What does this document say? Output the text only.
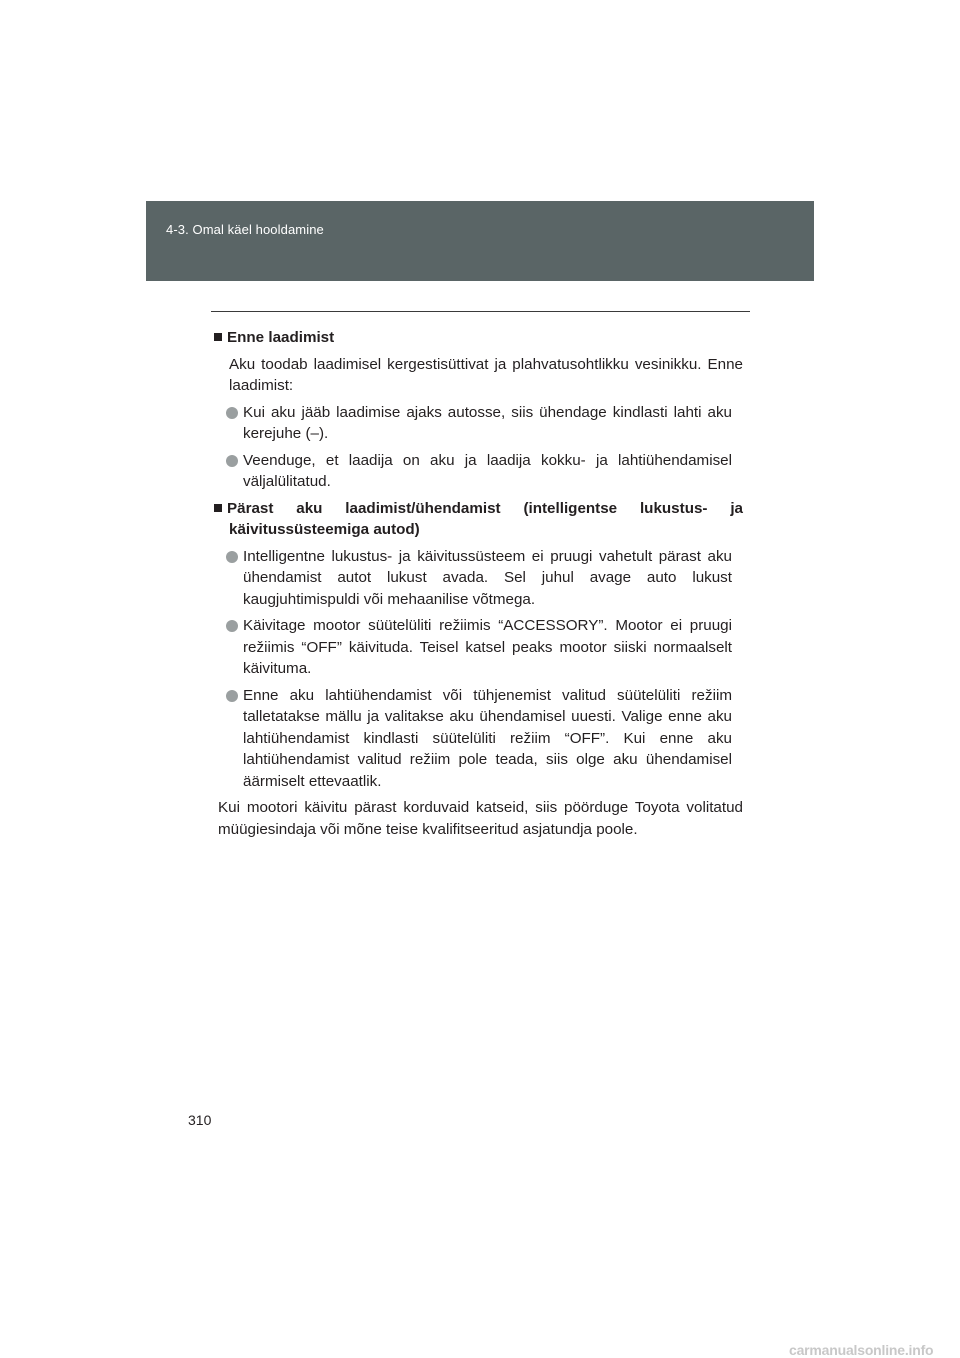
4-3. Omal käel hooldamine
Enne laadimist

Aku toodab laadimisel kergestisüttivat ja plahvatusohtlikku vesinikku. Enne laadimist:

Kui aku jääb laadimise ajaks autosse, siis ühendage kindlasti lahti aku kerejuhe (–).
Veenduge, et laadija on aku ja laadija kokku- ja lahtiühendamisel väljalülitatud.
Pärast aku laadimist/ühendamist (intelligentse lukustus- ja käivitussüsteemiga autod)
Intelligentne lukustus- ja käivitussüsteem ei pruugi vahetult pärast aku ühendamist autot lukust avada. Sel juhul avage auto lukust kaugjuhtimispuldi või mehaanilise võtmega.
Käivitage mootor süütelüliti režiimis “ACCESSORY”. Mootor ei pruugi režiimis “OFF” käivituda. Teisel katsel peaks mootor siiski normaalselt käivituma.
Enne aku lahtiühendamist või tühjenemist valitud süütelüliti režiim talletatakse mällu ja valitakse aku ühendamisel uuesti. Valige enne aku lahtiühendamist kindlasti süütelüliti režiim “OFF”. Kui enne aku lahtiühendamist valitud režiim pole teada, siis olge aku ühendamisel äärmiselt ettevaatlik.

Kui mootori käivitu pärast korduvaid katseid, siis pöörduge Toyota volitatud müügiesindaja või mõne teise kvalifitseeritud asjatundja poole.

310
carmanualsonline.info
